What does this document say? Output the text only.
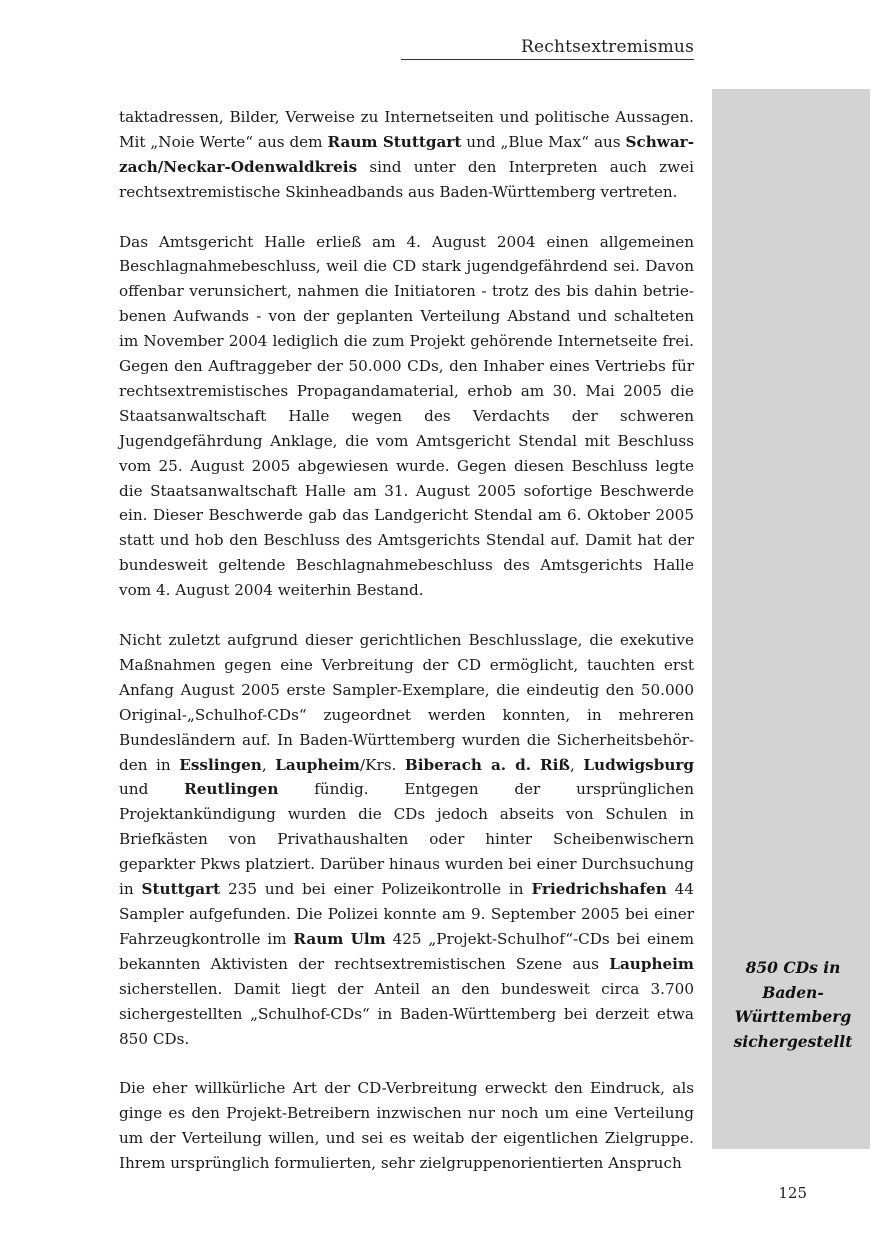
Rechtsextremismus
850 CDs in
Baden-
Württemberg
sichergestellt

taktadressen, Bilder, Verweise zu Internetseiten und politische Aussagen. Mit „Noie Werte“ aus dem Raum Stuttgart und „Blue Max“ aus Schwarzach/Neckar-Odenwaldkreis sind unter den Interpreten auch zwei rechtsextremistische Skinheadbands aus Baden-Württemberg vertreten.

Das Amtsgericht Halle erließ am 4. August 2004 einen allgemeinen Beschlagnahmebeschluss, weil die CD stark jugendgefährdend sei. Davon offenbar verunsichert, nahmen die Initiatoren - trotz des bis dahin betriebenen Aufwands - von der geplanten Verteilung Abstand und schalteten im November 2004 lediglich die zum Projekt gehörende Internetseite frei. Gegen den Auftraggeber der 50.000 CDs, den Inhaber eines Vertriebs für rechtsextremistisches Propagandamaterial, erhob am 30. Mai 2005 die Staatsanwaltschaft Halle wegen des Verdachts der schweren Jugendgefährdung Anklage, die vom Amtsgericht Stendal mit Beschluss vom 25. August 2005 abgewiesen wurde. Gegen diesen Beschluss legte die Staatsanwaltschaft Halle am 31. August 2005 sofortige Beschwerde ein. Dieser Beschwerde gab das Landgericht Stendal am 6. Oktober 2005 statt und hob den Beschluss des Amtsgerichts Stendal auf. Damit hat der bundesweit geltende Beschlagnahmebeschluss des Amtsgerichts Halle vom 4. August 2004 weiterhin Bestand.

Nicht zuletzt aufgrund dieser gerichtlichen Beschlusslage, die exekutive Maßnahmen gegen eine Verbreitung der CD ermöglicht, tauchten erst Anfang August 2005 erste Sampler-Exemplare, die eindeutig den 50.000 Original-„Schulhof-CDs“ zugeordnet werden konnten, in mehreren Bundesländern auf. In Baden-Württemberg wurden die Sicherheitsbehörden in Esslingen, Laupheim/Krs. Biberach a. d. Riß, Ludwigsburg und Reutlingen fündig. Entgegen der ursprünglichen Projektankündigung wurden die CDs jedoch abseits von Schulen in Briefkästen von Privathaushalten oder hinter Scheibenwischern geparkter Pkws platziert. Darüber hinaus wurden bei einer Durchsuchung in Stuttgart 235 und bei einer Polizeikontrolle in Friedrichshafen 44 Sampler aufgefunden. Die Polizei konnte am 9. September 2005 bei einer Fahrzeugkontrolle im Raum Ulm 425 „Projekt-Schulhof“-CDs bei einem bekannten Aktivisten der rechtsextremistischen Szene aus Laupheim sicherstellen. Damit liegt der Anteil an den bundesweit circa 3.700 sichergestellten „Schulhof-CDs“ in Baden-Württemberg bei derzeit etwa 850 CDs.

Die eher willkürliche Art der CD-Verbreitung erweckt den Eindruck, als ginge es den Projekt-Betreibern inzwischen nur noch um eine Verteilung um der Verteilung willen, und sei es weitab der eigentlichen Zielgruppe. Ihrem ursprünglich formulierten, sehr zielgruppenorientierten Anspruch

125
